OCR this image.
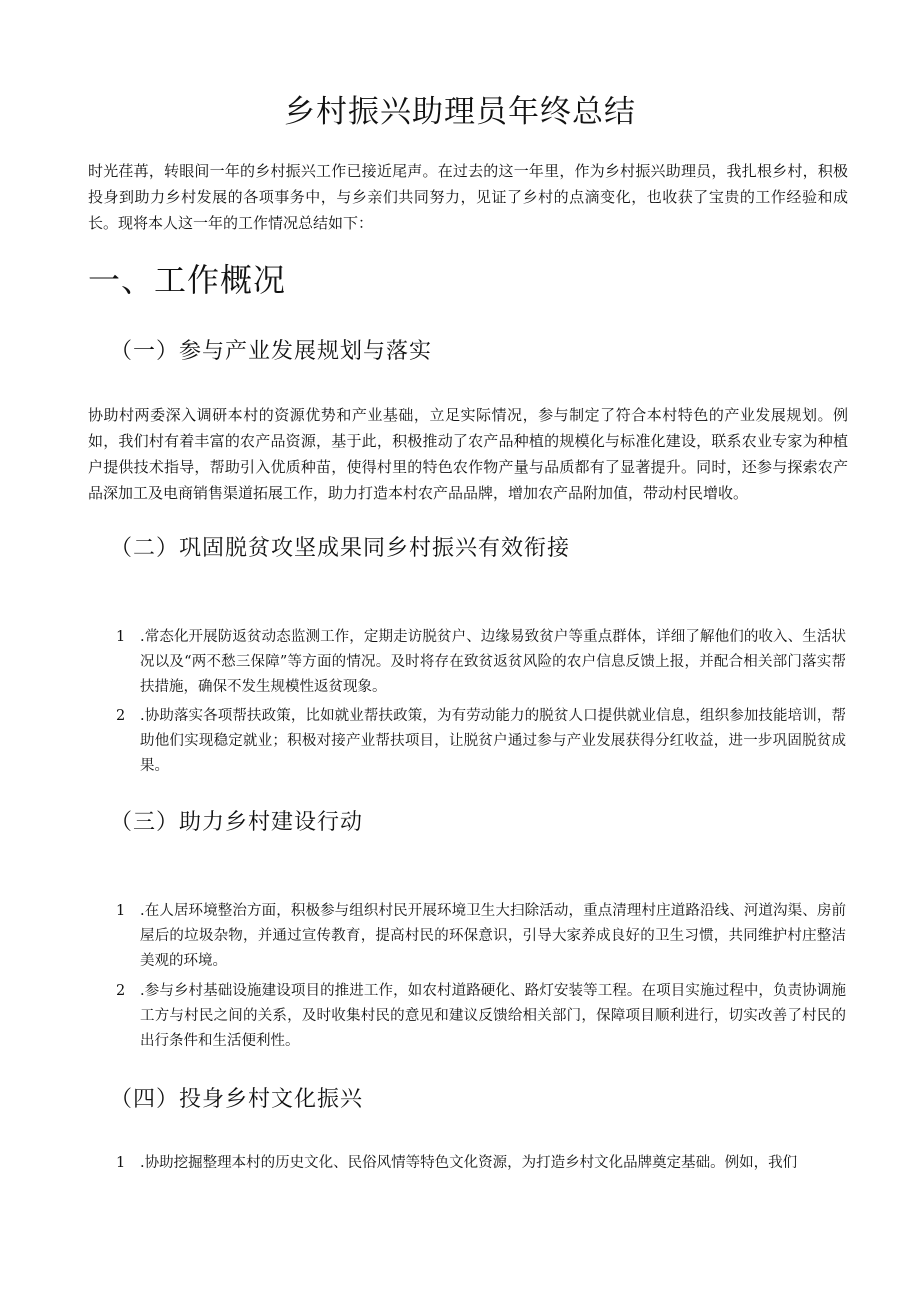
乡村振兴助理员年终总结

时光荏苒，转眼间一年的乡村振兴工作已接近尾声。在过去的这一年里，作为乡村振兴助理员，我扎根乡村，积极投身到助力乡村发展的各项事务中，与乡亲们共同努力，见证了乡村的点滴变化，也收获了宝贵的工作经验和成长。现将本人这一年的工作情况总结如下：

一、工作概况
（一）参与产业发展规划与落实

协助村两委深入调研本村的资源优势和产业基础，立足实际情况，参与制定了符合本村特色的产业发展规划。例如，我们村有着丰富的农产品资源，基于此，积极推动了农产品种植的规模化与标准化建设，联系农业专家为种植户提供技术指导，帮助引入优质种苗，使得村里的特色农作物产量与品质都有了显著提升。同时，还参与探索农产品深加工及电商销售渠道拓展工作，助力打造本村农产品品牌，增加农产品附加值，带动村民增收。

（二）巩固脱贫攻坚成果同乡村振兴有效衔接
1	.常态化开展防返贫动态监测工作，定期走访脱贫户、边缘易致贫户等重点群体，详细了解他们的收入、生活状况以及“两不愁三保障”等方面的情况。及时将存在致贫返贫风险的农户信息反馈上报，并配合相关部门落实帮扶措施，确保不发生规模性返贫现象。
2	.协助落实各项帮扶政策，比如就业帮扶政策，为有劳动能力的脱贫人口提供就业信息，组织参加技能培训，帮助他们实现稳定就业；积极对接产业帮扶项目，让脱贫户通过参与产业发展获得分红收益，进一步巩固脱贫成果。
（三）助力乡村建设行动
1	.在人居环境整治方面，积极参与组织村民开展环境卫生大扫除活动，重点清理村庄道路沿线、河道沟渠、房前屋后的垃圾杂物，并通过宣传教育，提高村民的环保意识，引导大家养成良好的卫生习惯，共同维护村庄整洁美观的环境。
2	.参与乡村基础设施建设项目的推进工作，如农村道路硬化、路灯安装等工程。在项目实施过程中，负责协调施工方与村民之间的关系，及时收集村民的意见和建议反馈给相关部门，保障项目顺利进行，切实改善了村民的出行条件和生活便利性。
（四）投身乡村文化振兴
1	.协助挖掘整理本村的历史文化、民俗风情等特色文化资源，为打造乡村文化品牌奠定基础。例如，我们
